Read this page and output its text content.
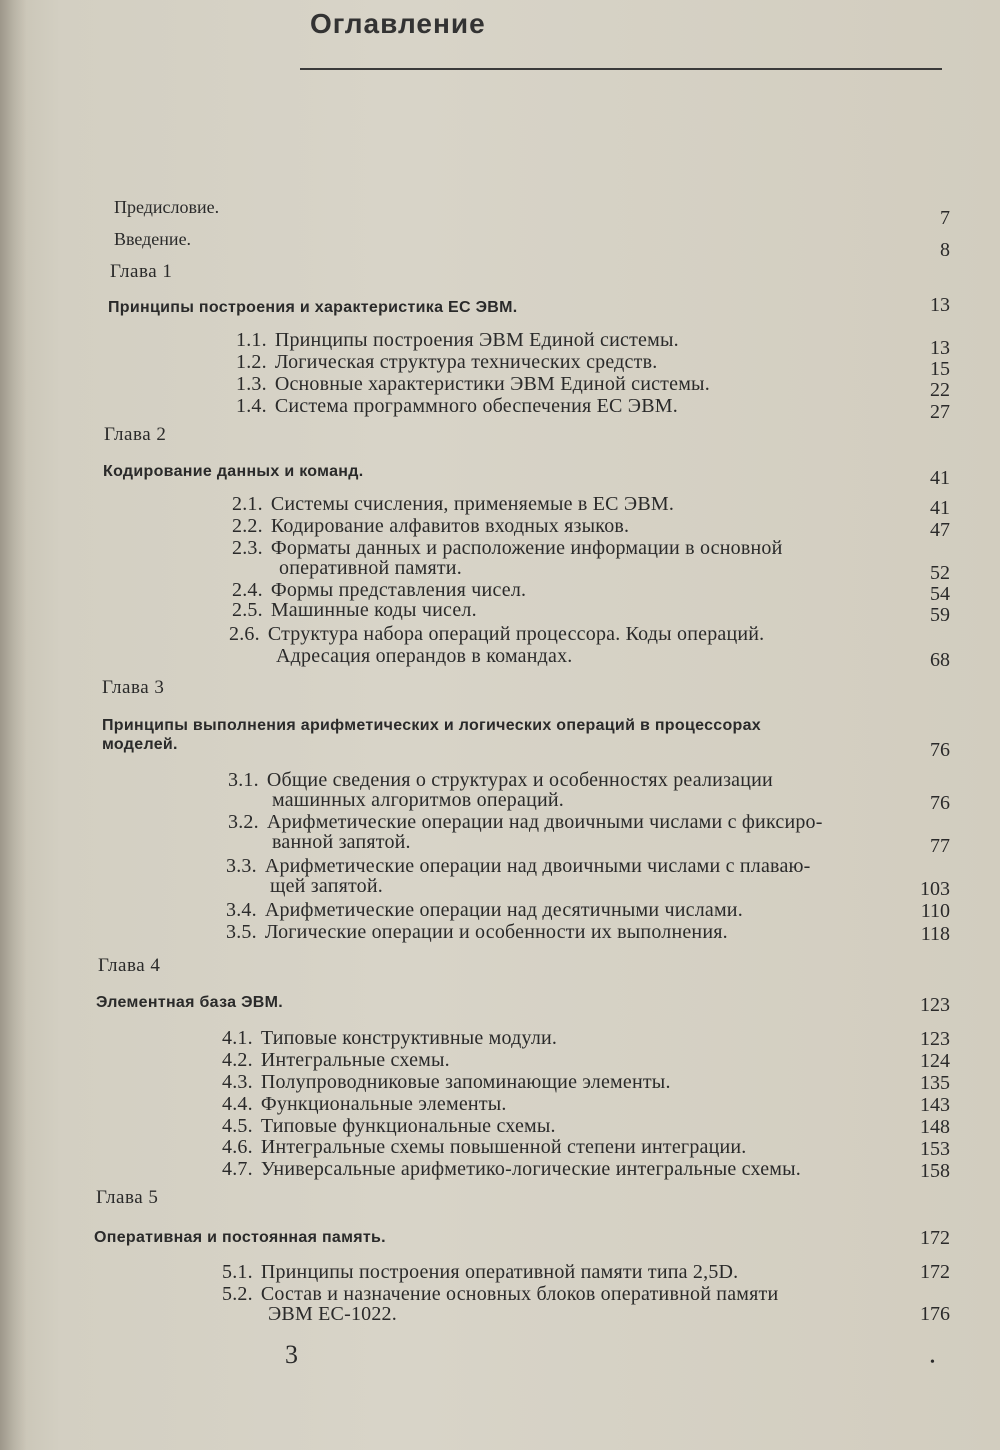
Оглавление
Предисловие.	7
Введение.	8
Глава 1
Принципы построения и характеристика ЕС ЭВМ.	13
1.1. Принципы построения ЭВМ Единой системы.	13
1.2. Логическая структура технических средств.	15
1.3. Основные характеристики ЭВМ Единой системы.	22
1.4. Система программного обеспечения ЕС ЭВМ.	27
Глава 2
Кодирование данных и команд.	41
2.1. Системы счисления, применяемые в ЕС ЭВМ.	41
2.2. Кодирование алфавитов входных языков.	47
2.3. Форматы данных и расположение информации в основной
оперативной памяти.	52
2.4. Формы представления чисел.	54
2.5. Машинные коды чисел.	59
2.6. Структура набора операций процессора. Коды операций.
Адресация операндов в командах.	68
Глава 3
Принципы выполнения арифметических и логических операций в процессорах
моделей.	76
3.1. Общие сведения о структурах и особенностях реализации
машинных алгоритмов операций.	76
3.2. Арифметические операции над двоичными числами с фиксиро-
ванной запятой.	77
3.3. Арифметические операции над двоичными числами с плаваю-
щей запятой.	103
3.4. Арифметические операции над десятичными числами.	110
3.5. Логические операции и особенности их выполнения.	118
Глава 4
Элементная база ЭВМ.	123
4.1. Типовые конструктивные модули.	123
4.2. Интегральные схемы.	124
4.3. Полупроводниковые запоминающие элементы.	135
4.4. Функциональные элементы.	143
4.5. Типовые функциональные схемы.	148
4.6. Интегральные схемы повышенной степени интеграции.	153
4.7. Универсальные арифметико-логические интегральные схемы.	158
Глава 5
Оперативная и постоянная память.	172
5.1. Принципы построения оперативной памяти типа 2,5D.	172
5.2. Состав и назначение основных блоков оперативной памяти
ЭВМ ЕС-1022.	176
3	•
